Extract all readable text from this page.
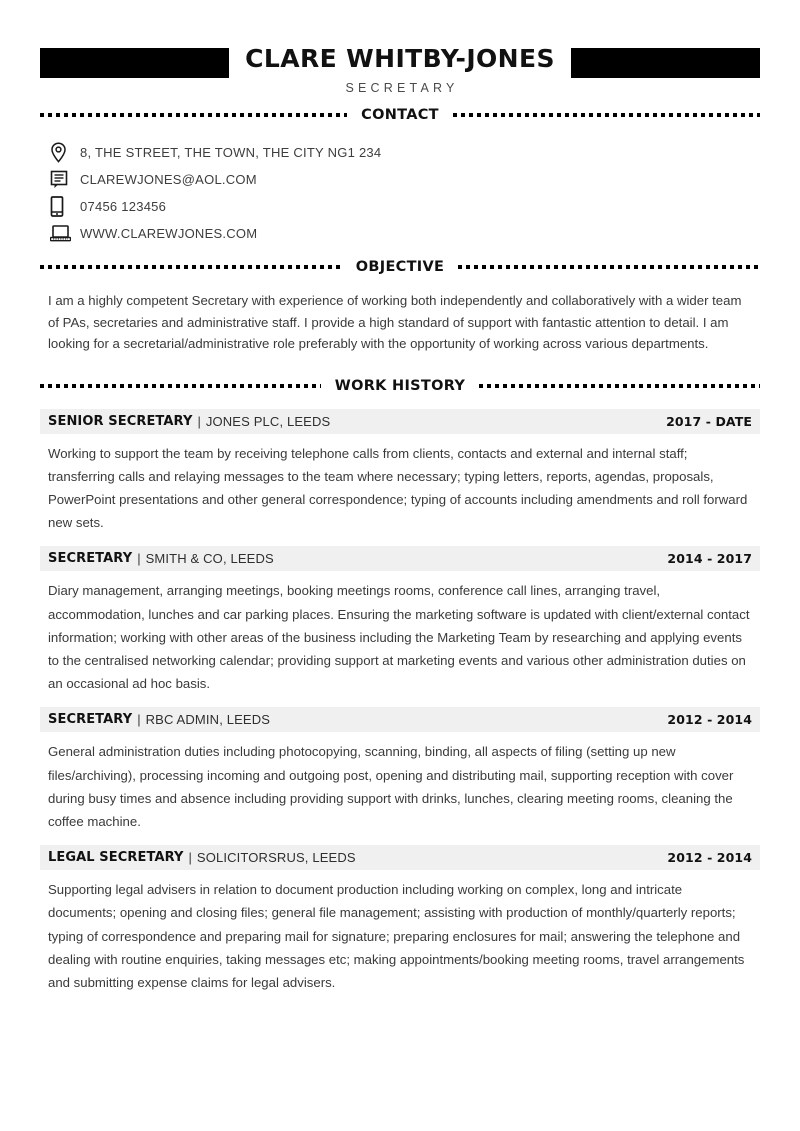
CLARE WHITBY-JONES
SECRETARY
CONTACT
8, THE STREET, THE TOWN, THE CITY NG1 234
CLAREWJONES@AOL.COM
07456 123456
WWW.CLAREWJONES.COM
OBJECTIVE

I am a highly competent Secretary with experience of working both independently and collaboratively with a wider team of PAs, secretaries and administrative staff. I provide a high standard of support with fantastic attention to detail. I am looking for a secretarial/administrative role preferably with the opportunity of working across various departments.

WORK HISTORY
SENIOR SECRETARY | JONES PLC, LEEDS	2017 - DATE
Working to support the team by receiving telephone calls from clients, contacts and external and internal staff; transferring calls and relaying messages to the team where necessary; typing letters, reports, agendas, proposals, PowerPoint presentations and other general correspondence; typing of accounts including amendments and roll forward new sets.
SECRETARY | SMITH & CO, LEEDS	2014 - 2017
Diary management, arranging meetings, booking meetings rooms, conference call lines, arranging travel, accommodation, lunches and car parking places. Ensuring the marketing software is updated with client/external contact information; working with other areas of the business including the Marketing Team by researching and applying events to the centralised networking calendar; providing support at marketing events and various other administration duties on an occasional ad hoc basis.
SECRETARY | RBC ADMIN, LEEDS	2012 - 2014
General administration duties including photocopying, scanning, binding, all aspects of filing (setting up new files/archiving), processing incoming and outgoing post, opening and distributing mail, supporting reception with cover during busy times and absence including providing support with drinks, lunches, clearing meeting rooms, cleaning the coffee machine.
LEGAL SECRETARY | SOLICITORSRUS, LEEDS	2012 - 2014
Supporting legal advisers in relation to document production including working on complex, long and intricate documents; opening and closing files; general file management; assisting with production of monthly/quarterly reports; typing of correspondence and preparing mail for signature; preparing enclosures for mail; answering the telephone and dealing with routine enquiries, taking messages etc; making appointments/booking meeting rooms, travel arrangements and submitting expense claims for legal advisers.
